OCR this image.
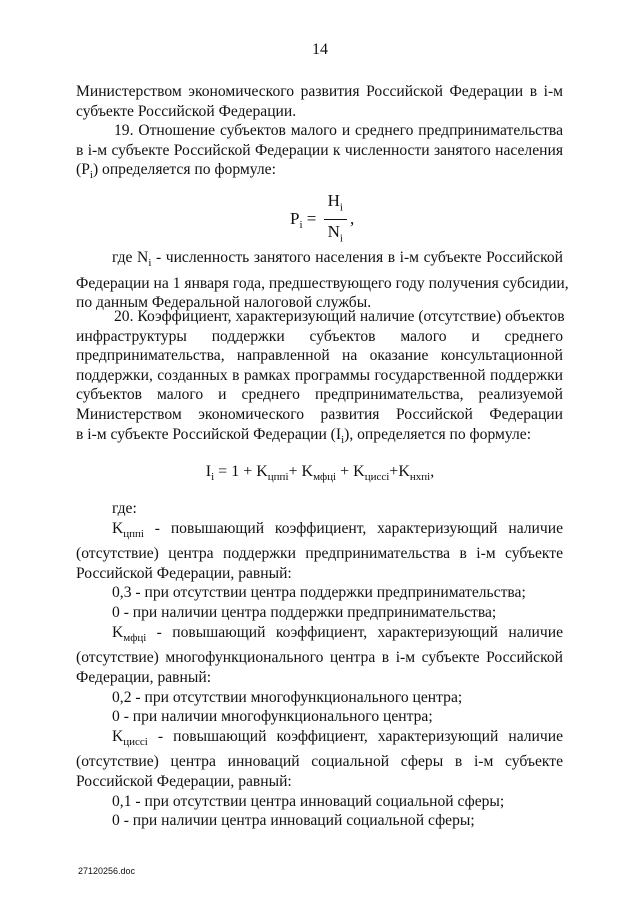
14
Министерством экономического развития Российской Федерации в i-м
субъекте Российской Федерации.
19. Отношение субъектов малого и среднего предпринимательства
в i-м субъекте Российской Федерации к численности занятого населения
$(P_i)$ определяется по формуле:
$P_i = \frac{H_i}{N_i}$ ,
где $N_i$ - численность занятого населения в i-м субъекте Российской
Федерации на 1 января года, предшествующего году получения субсидии,
по данным Федеральной налоговой службы.
20. Коэффициент, характеризующий наличие (отсутствие) объектов
инфраструктуры поддержки субъектов малого и среднего
предпринимательства, направленной на оказание консультационной
поддержки, созданных в рамках программы государственной поддержки
субъектов малого и среднего предпринимательства, реализуемой
Министерством экономического развития Российской Федерации
в i-м субъекте Российской Федерации $(I_i)$, определяется по формуле:
$I_i = 1 + K_{цппi}+ K_{мфцi} + K_{цисcі}+K_{нхпі}$,
где:
$K_{цппі}$ - повышающий коэффициент, характеризующий наличие
(отсутствие) центра поддержки предпринимательства в i-м субъекте
Российской Федерации, равный:
0,3 - при отсутствии центра поддержки предпринимательства;
0 - при наличии центра поддержки предпринимательства;
$K_{мфці}$ - повышающий коэффициент, характеризующий наличие
(отсутствие) многофункционального центра в i-м субъекте Российской
Федерации, равный:
0,2 - при отсутствии многофункционального центра;
0 - при наличии многофункционального центра;
$K_{цисcі}$ - повышающий коэффициент, характеризующий наличие
(отсутствие) центра инноваций социальной сферы в i-м субъекте
Российской Федерации, равный:
0,1 - при отсутствии центра инноваций социальной сферы;
0 - при наличии центра инноваций социальной сферы;
27120256.doc
